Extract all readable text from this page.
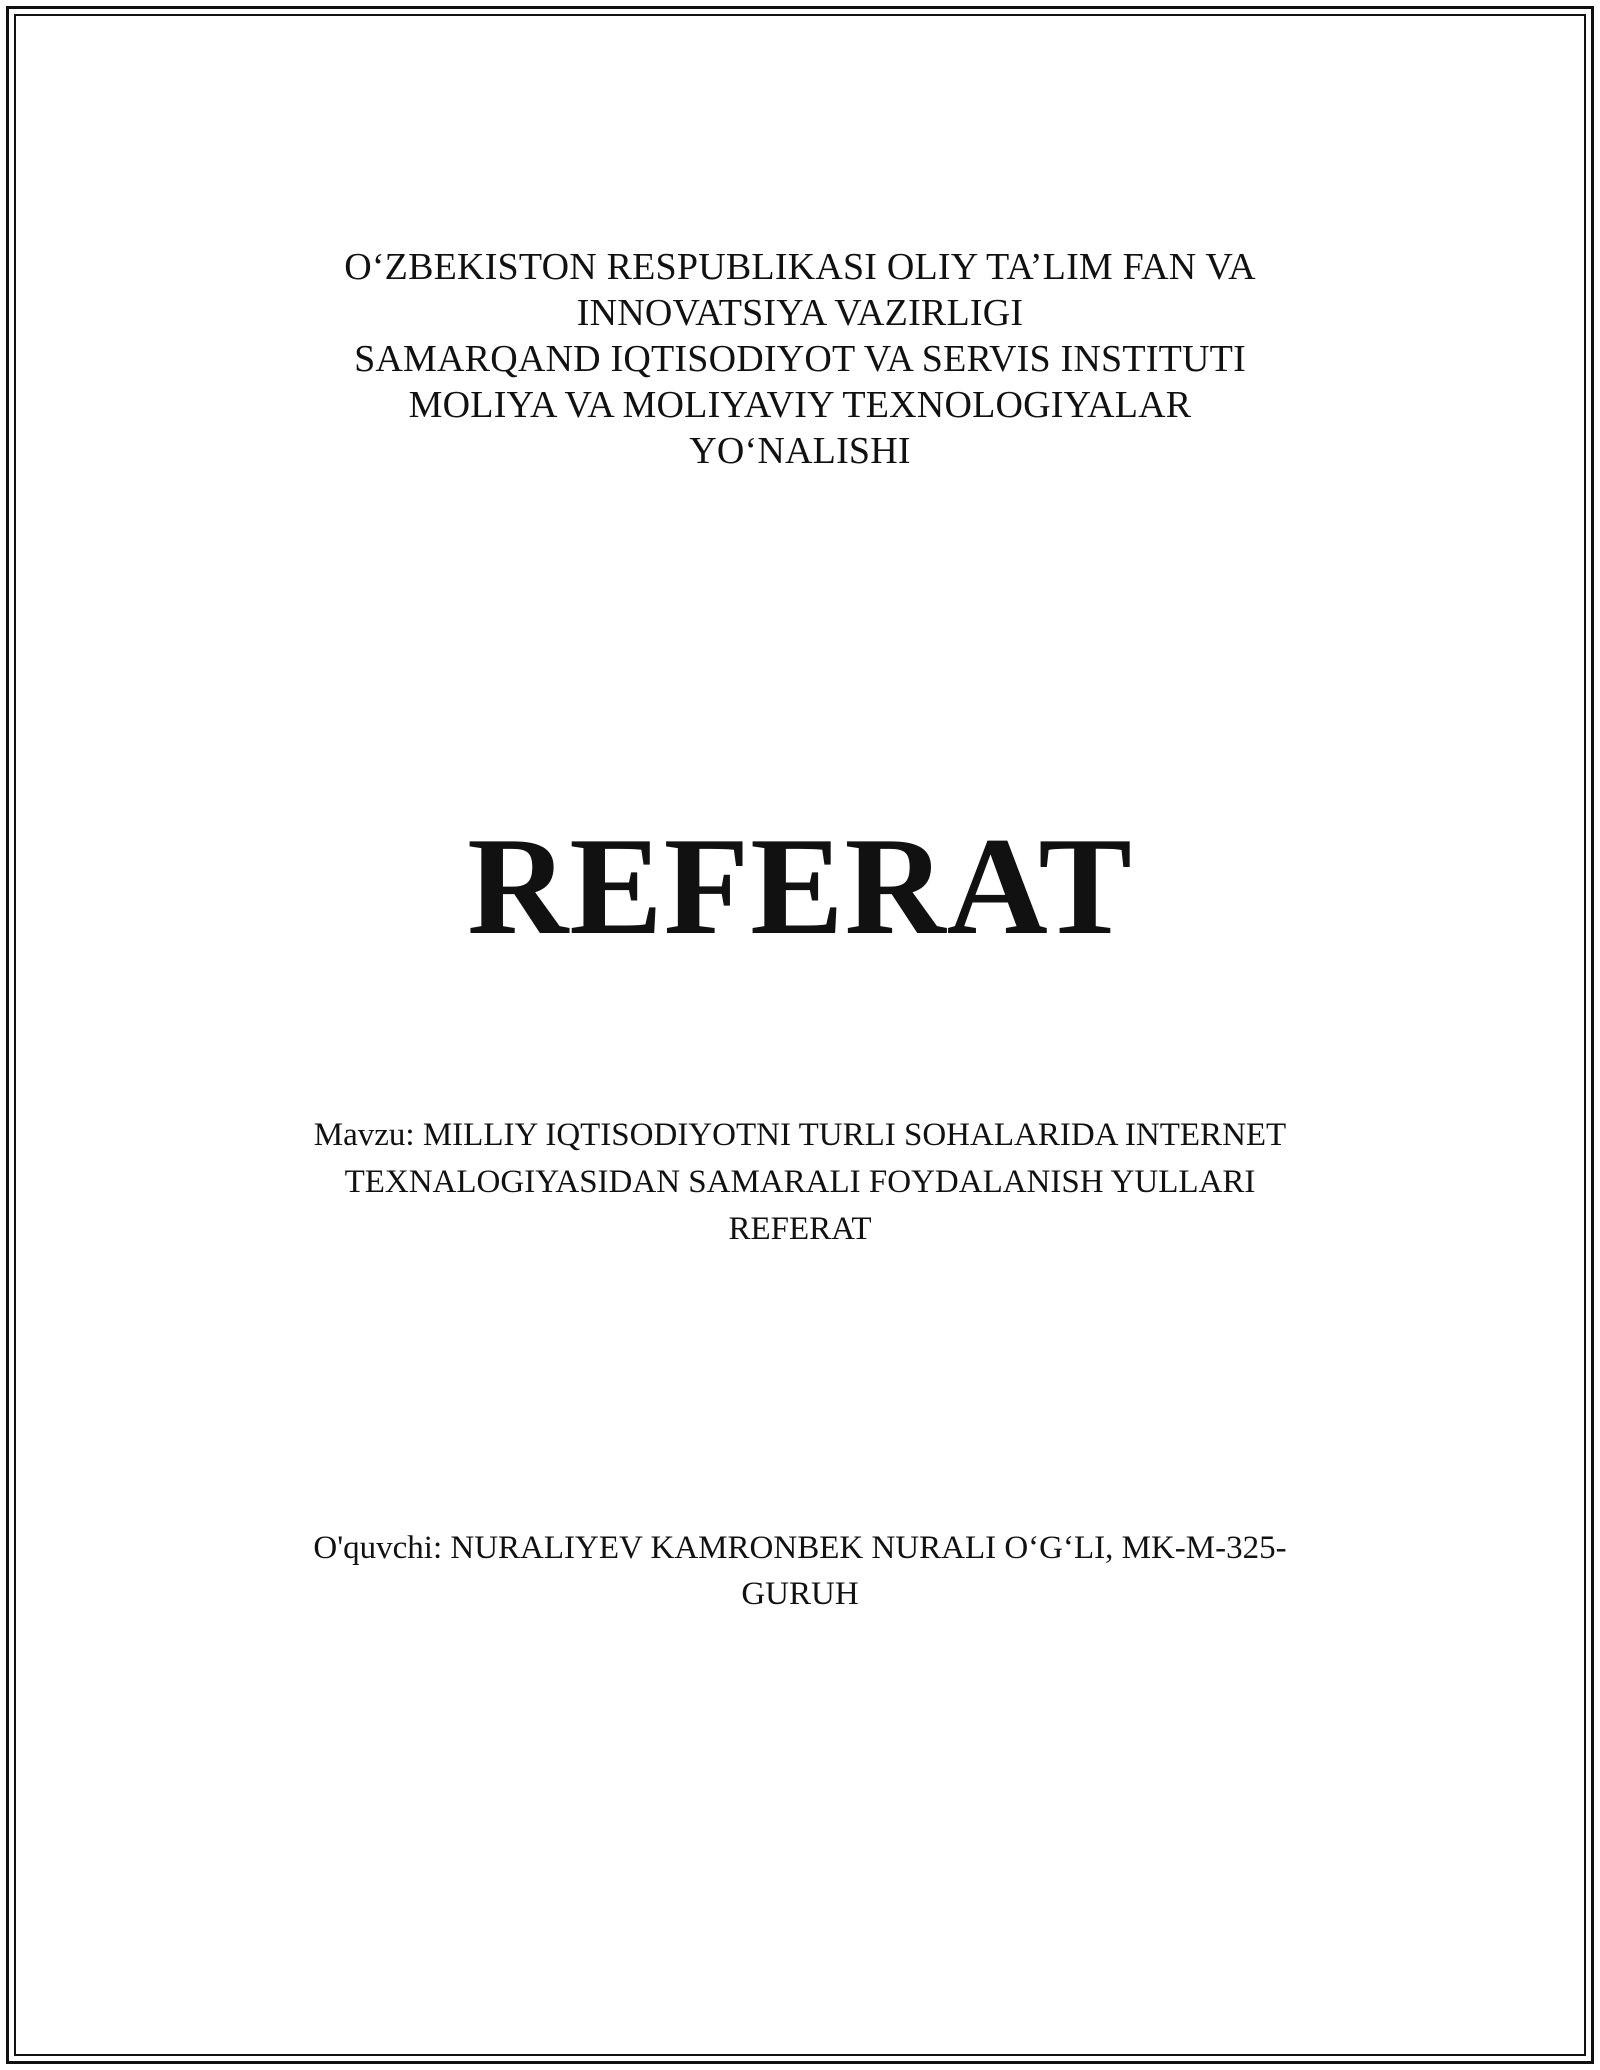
O‘ZBEKISTON RESPUBLIKASI OLIY TA’LIM FAN VA
INNOVATSIYA VAZIRLIGI
SAMARQAND IQTISODIYOT VA SERVIS INSTITUTI
MOLIYA VA MOLIYAVIY TEXNOLOGIYALAR
YO‘NALISHI
REFERAT
Mavzu: MILLIY IQTISODIYOTNI TURLI SOHALARIDA INTERNET
TEXNALOGIYASIDAN SAMARALI FOYDALANISH YULLARI
REFERAT
O'quvchi: NURALIYEV KAMRONBEK NURALI O‘G‘LI, MK-M-325-
GURUH
